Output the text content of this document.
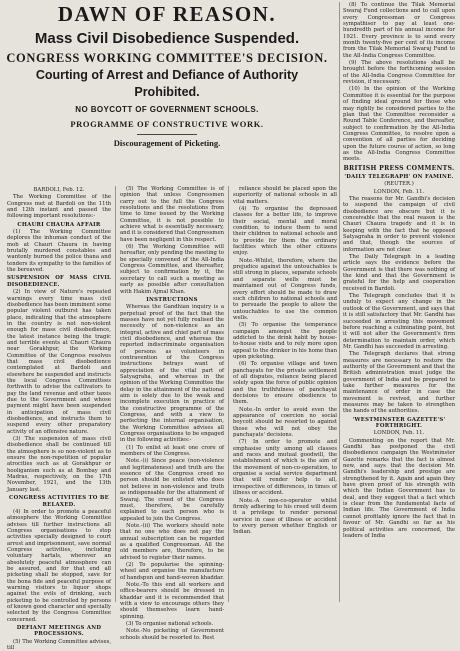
DAWN OF REASON.
Mass Civil Disobedience Suspended.
CONGRESS WORKING COMMITTEE'S DECISION.
Courting of Arrest and Defiance of Authority
Prohibited.
NO BOYCOTT OF GOVERNMENT SCHOOLS.
PROGRAMME OF CONSTRUCTIVE WORK.
Discouragement of Picketing.

BARDOLI, Feb. 12.

The Working Committee of the Congress met at Bardoli on the 11th and 12th instant and passed the following important resolutions:-

CHAURI CHAURA AFFAIR

(1) The Working Committee deplores the inhuman conduct of the mob at Chauri Chaura in having brutally murdered constables and wantonly burned the police thana and tenders its sympathy to the families of the bereaved.

SUSPENSION OF MASS CIVIL DISOBEDIENCE.

(2) In view of Nature's repeated warnings every time mass civil disobedience has been imminent some popular violent outburst has taken place, indicating that the atmosphere in the country is not non-violent enough for mass civil disobedience, the latest instance being the tragic and terrible events at Chauri Chaura near Gorakhpur, the Working Committee of the Congress resolves that mass civil disobedience contemplated at Bardoli and elsewhere be suspended and instructs the local Congress Committees forthwith to advise the cultivators to pay the land revenue and other taxes due to the Government and whose payment might have been suspended in anticipation of mass civil disobedience, and instructs them to suspend every other preparatory activity of an offensive nature.

(3) The suspension of mass civil disobedience shall be continued till the atmosphere is so non-violent as to ensure the non-repetition of popular atrocities such as at Gorakhpur or hooliganism such as at Bombay and Madras, respectively, on the 17th November, 1921, and the 13th January last.

CONGRESS ACTIVITIES TO BE RELAXED.

(4) In order to promote a peaceful atmosphere the Working Committee advises till further instructions all Congress organisations to stop activities specially designed to court arrest and imprisonment, save normal Congress activities, including voluntary hartals, wherever an absolutely peaceful atmosphere can be assured, and for that end all picketing shall be stopped, save for the bona fide and peaceful purpose of warning visitors to liquor shops against the evils of drinking, such picketing to be controlled by persons of known good character and specially selected by the Congress Committee concerned.

DEFIANT MEETINGS AND PROCESSIONS.

(5) The Working Committee advises, till

(5) The Working Committee is of opinion that unless Congressmen carry out to the full the Congress resolutions and the resolutions from time to time issued by the Working Committee, it is not possible to achieve what is essentially necessary, and it is considered that Congressmen have been negligent in this respect.

(6) The Working Committee will hereafter, only pending the meeting to be specially convened of the All-India Congress Committee, and thereafter, subject to confirmation by it, the secretary to call such a meeting as early as possible after consultation with Hakim Ajmal Khan.

INSTRUCTIONS

Whereas the Gandhian inquiry is a perpetual proof of the fact that the masses have not yet fully realised the necessity of non-violence as an integral, active and chief part of mass civil disobedience, and whereas the reported indiscriminate organisation of persons as volunteers in contravention of the Congress instructions betrays want of appreciation of the vital part of Satyagraha, and whereas in the opinion of the Working Committee the delay in the attainment of the national aim is solely due to the weak and incomplete execution in practice of the constructive programme of the Congress, and with a view to perfecting the internal organisation, the Working Committee advises all Congress organisations to be engaged in the following activities:-

(1) To enlist at least one crore of members of the Congress.

Note.-(i) Since peace (non-violence and legitimateness) and truth are the essence of the Congress creed no person should be enlisted who does not believe in non-violence and truth as indispensable for the attainment of Swaraj. The creed of the Congress must, therefore, be carefully explained to each person who is appealed to join the Congress.

Note.-(ii) The workers should note that no one who does not pay the annual subscription can be regarded as a qualified Congressman. All the old members are, therefore, to be advised to register their names.

(2) To popularise the spinning-wheel and organise the manufacture of handspun and hand-woven khaddar.

Note.-To this end all workers and office-bearers should be dressed in khaddar and it is recommended that with a view to encourage others they should themselves learn hand-spinning.

(3) To organise national schools.

Note.-No picketing of Government schools should be resorted to. Rest

reliance should be placed upon the superiority of national schools in all vital matters.

(4) To organise the depressed classes for a better life, to improve their social, mental and moral condition, to induce them to send their children to national schools and to provide for them the ordinary facilities which the other citizens enjoy.

Note.-Whilst, therefore, where the prejudice against the untouchables is still strong in places, separate schools and separate wells must be maintained out of Congress funds, every effort should be made to draw such children to national schools and to persuade the people to allow the untouchables to use the common wells.

(5) To organise the temperance campaign amongst the people addicted to the drink habit by house-to-house visits and to rely more upon appeal to the drinker in his home than upon picketing.

(6) To organise village and town panchayats for the private settlement of all disputes, reliance being placed solely upon the force of public opinion and the truthfulness of panchayat decisions to ensure obedience to them.

Note.-In order to avoid even the appearance of coercion no social boycott should be resorted to against those who will not obey the panchayats' decisions.

(7) In order to promote and emphasise unity among all classes and races and mutual goodwill, the establishment of which is the aim of the movement of non-co-operation, to organise a social service department that will render help to all, irrespective of differences, in times of illness or accident.

Note.-A non-co-operator whilst firmly adhering to his creed will deem it a privilege to render personal service in case of illness or accident to every person whether English or Indian.

(8) To continue the Tilak Memorial Swaraj Fund collections and to call upon every Congressman or Congress sympathiser to pay at least one-hundredth part of his annual income for 1921. Every province is to send every month twenty-five per cent of its income from the Tilak Memorial Swaraj Fund to the All-India Congress Committee.

(9) The above resolutions shall be brought before the forthcoming session of the All-India Congress Committee for revision, if necessary.

(10) In the opinion of the Working Committee it is essential for the purpose of finding ideal ground for those who may rightly be considered parties to the plan that the Committee reconsider a Round Table Conference, and thereafter, subject to confirmation by the All-India Congress Committee, to resolve upon a convention of all parties for deciding upon the future course of action, so long as the All-India Congress Committee meets.

BRITISH PRESS COMMENTS.

'DAILY TELEGRAPH' ON FAMINE.

(REUTER.)

LONDON, Feb. 11.

The reasons for Mr. Gandhi's decision to suspend the campaign of civil disobedience are obscure but it is conceivable that the real reason is the Chauri Chaura tragedy and it is in keeping with the fact that he opposed Satyagraha in order to prevent violence and that, though the sources of information are not clear.

The Daily Telegraph in a leading article says the evidence before the Government is that there was nothing of the kind and that the Government is grateful for the help and cooperation received in Bardoli.

The Telegraph concludes that it is unduly to expect any change in the outlook of the Government, and says that it is still satisfactory that Mr. Gandhi has succeeded in arresting this movement before reaching a culminating point, but it will not alter the Government's firm determination to maintain order, which Mr. Gandhi has succeeded in arresting.

The Telegraph declares that strong measures are necessary to restore the authority of the Government and that the British administration must judge the government of India and be prepared to take further measures for the maintenance of order in case the movement is revived, and further measures may be taken to strengthen the hands of the authorities.

'WESTMINSTER GAZETTE'S' FORTHRIGHT.

LONDON, Feb. 11.

Commenting on the report that Mr. Gandhi has postponed the civil disobedience campaign the Westminster Gazette remarks that the fact is almost new, and says that the decision Mr. Gandhi's leadership and prestige are strengthened by it. Again and again they have given proof of his strength with which the Indian Government has to deal, and they suggest that a fact which is clear from the fundamental facts of Indian life. The Government of India cannot profitably ignore the fact that in favour of Mr. Gandhi so far as his political activities are concerned, the leaders of India
